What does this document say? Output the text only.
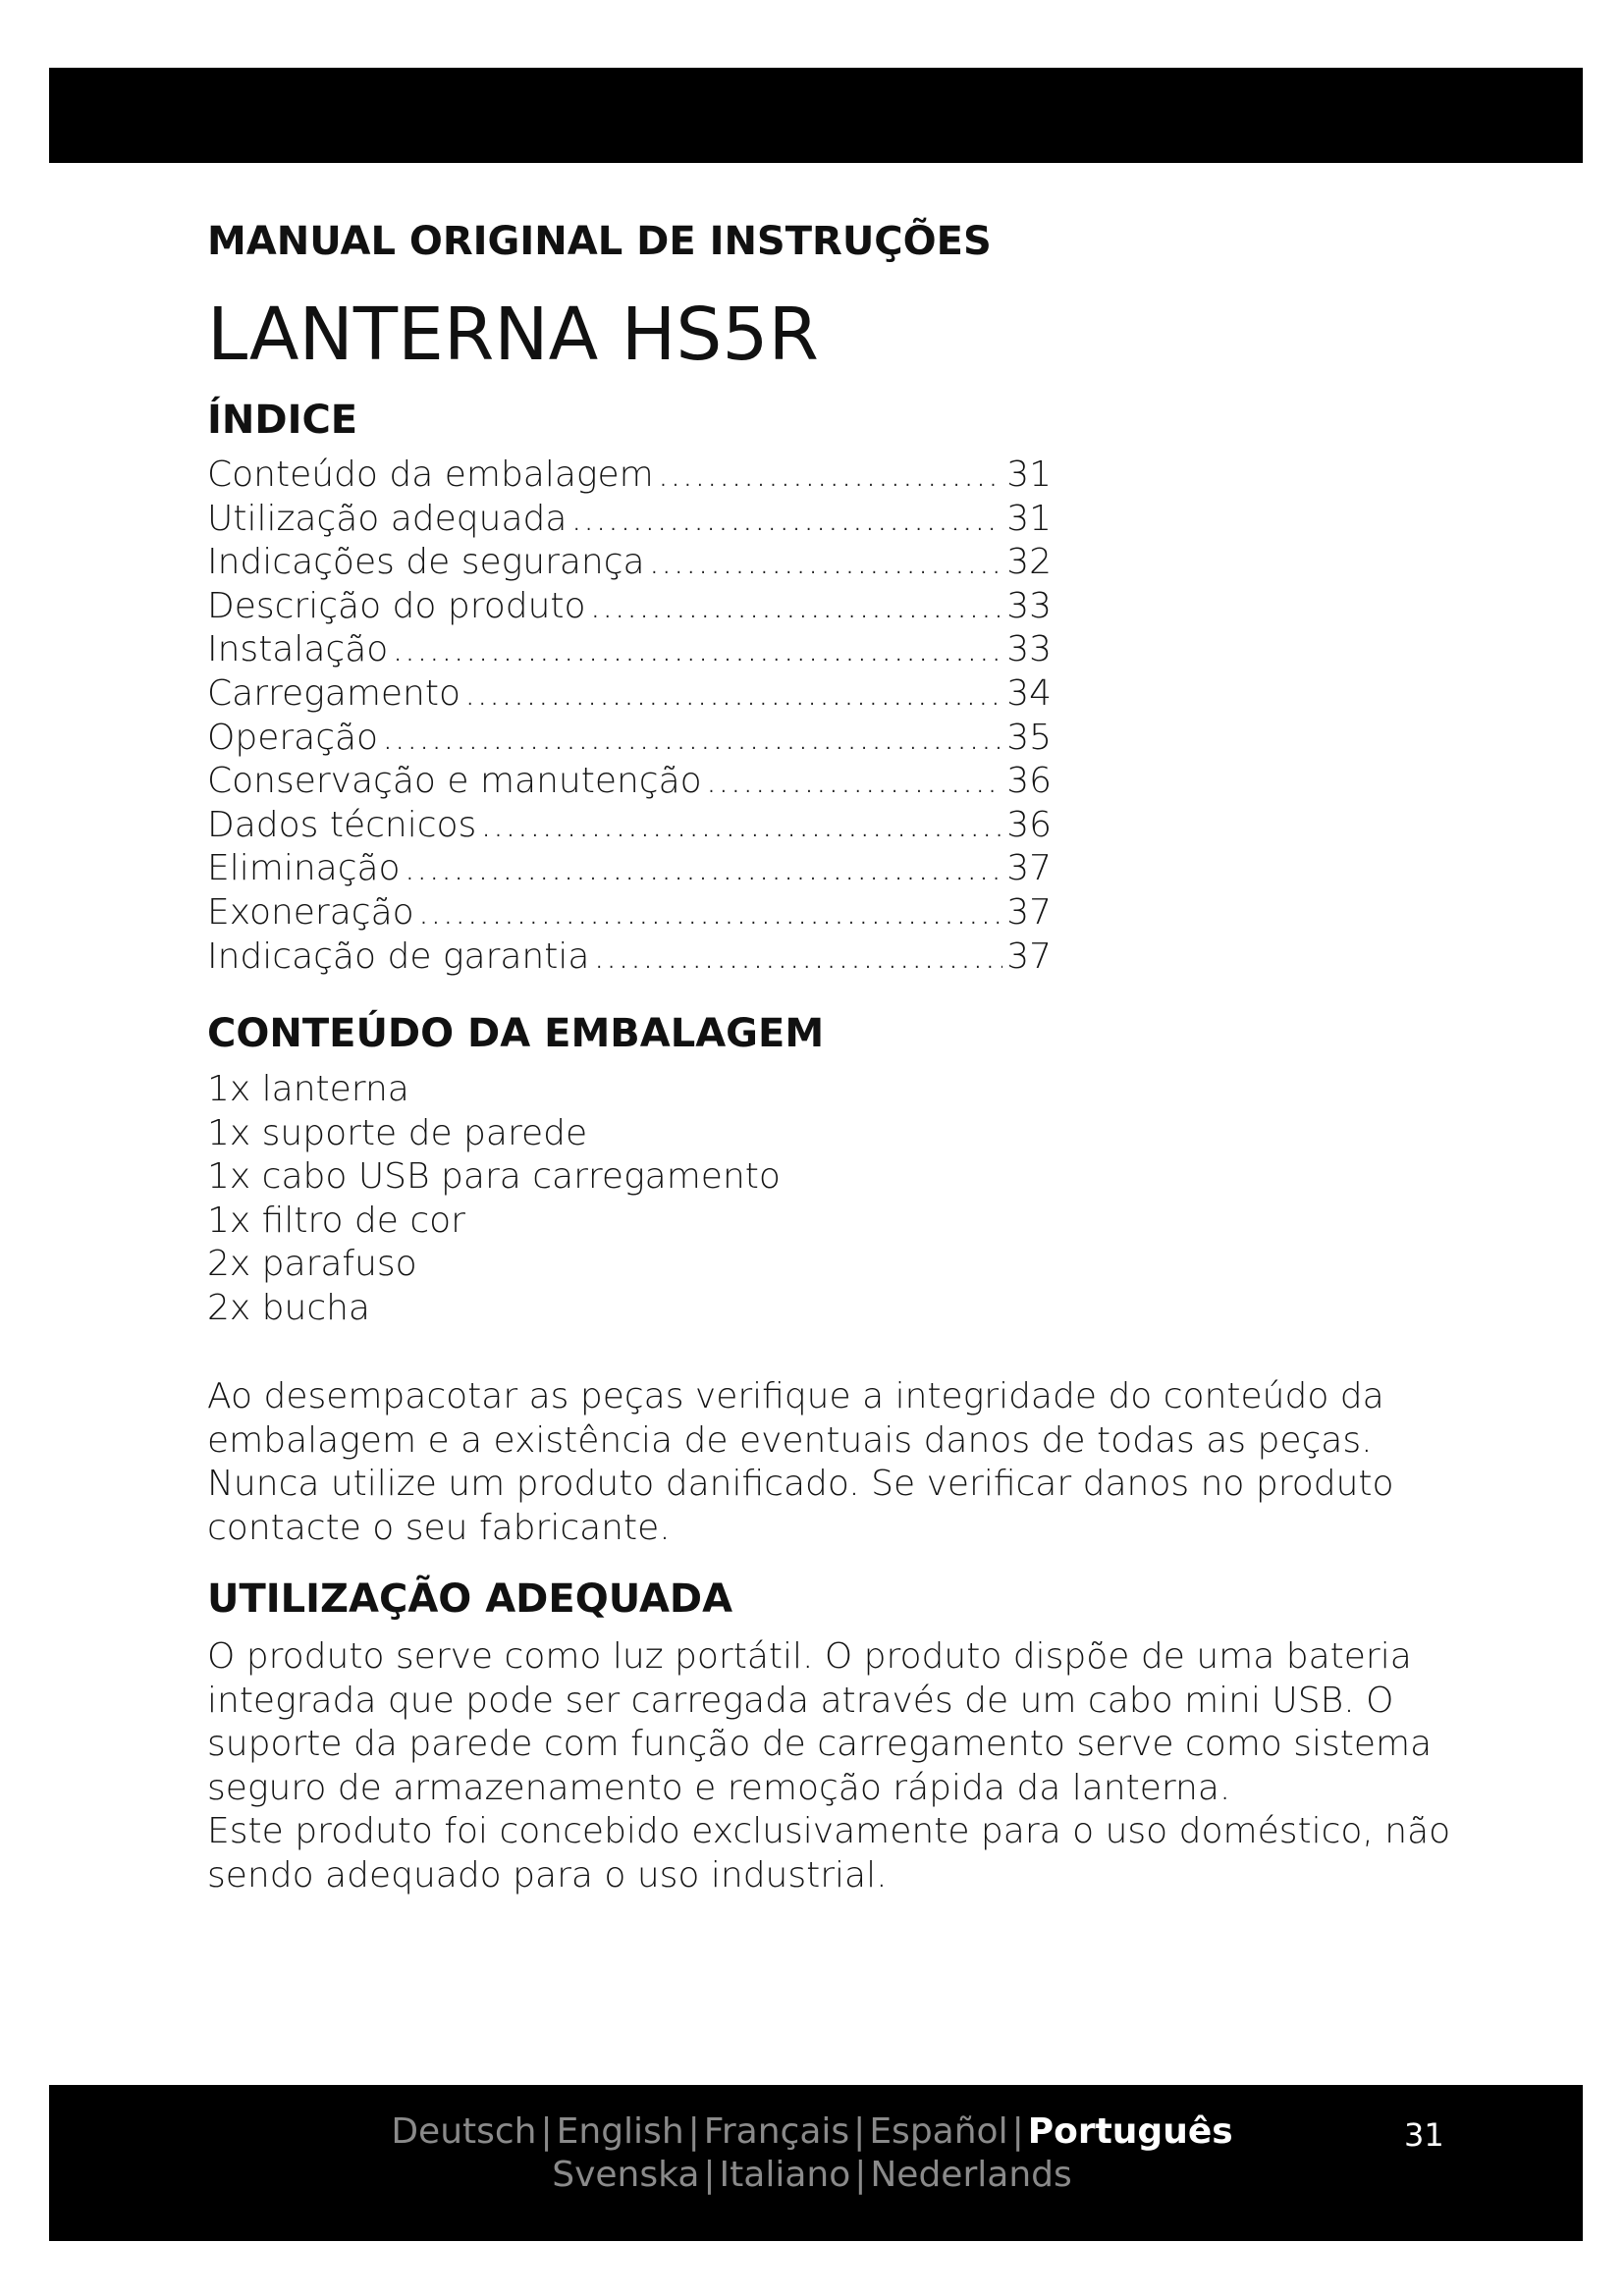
MANUAL ORIGINAL DE INSTRUÇÕES
LANTERNA HS5R
ÍNDICE
Conteúdo da embalagem .....	31
Utilização adequada .....	31
Indicações de segurança .....	32
Descrição do produto .....	33
Instalação .....	33
Carregamento .....	34
Operação .....	35
Conservação e manutenção .....	36
Dados técnicos .....	36
Eliminação .....	37
Exoneração .....	37
Indicação de garantia .....	37
CONTEÚDO DA EMBALAGEM
1x lanterna
1x suporte de parede
1x cabo USB para carregamento
1x filtro de cor
2x parafuso
2x bucha

Ao desempacotar as peças verifique a integridade do conteúdo da
embalagem e a existência de eventuais danos de todas as peças.
Nunca utilize um produto danificado. Se verificar danos no produto
contacte o seu fabricante.

UTILIZAÇÃO ADEQUADA

O produto serve como luz portátil. O produto dispõe de uma bateria
integrada que pode ser carregada através de um cabo mini USB. O
suporte da parede com função de carregamento serve como sistema
seguro de armazenamento e remoção rápida da lanterna.
Este produto foi concebido exclusivamente para o uso doméstico, não
sendo adequado para o uso industrial.

Deutsch | English | Français | Español | Português
Svenska | Italiano | Nederlands
31
